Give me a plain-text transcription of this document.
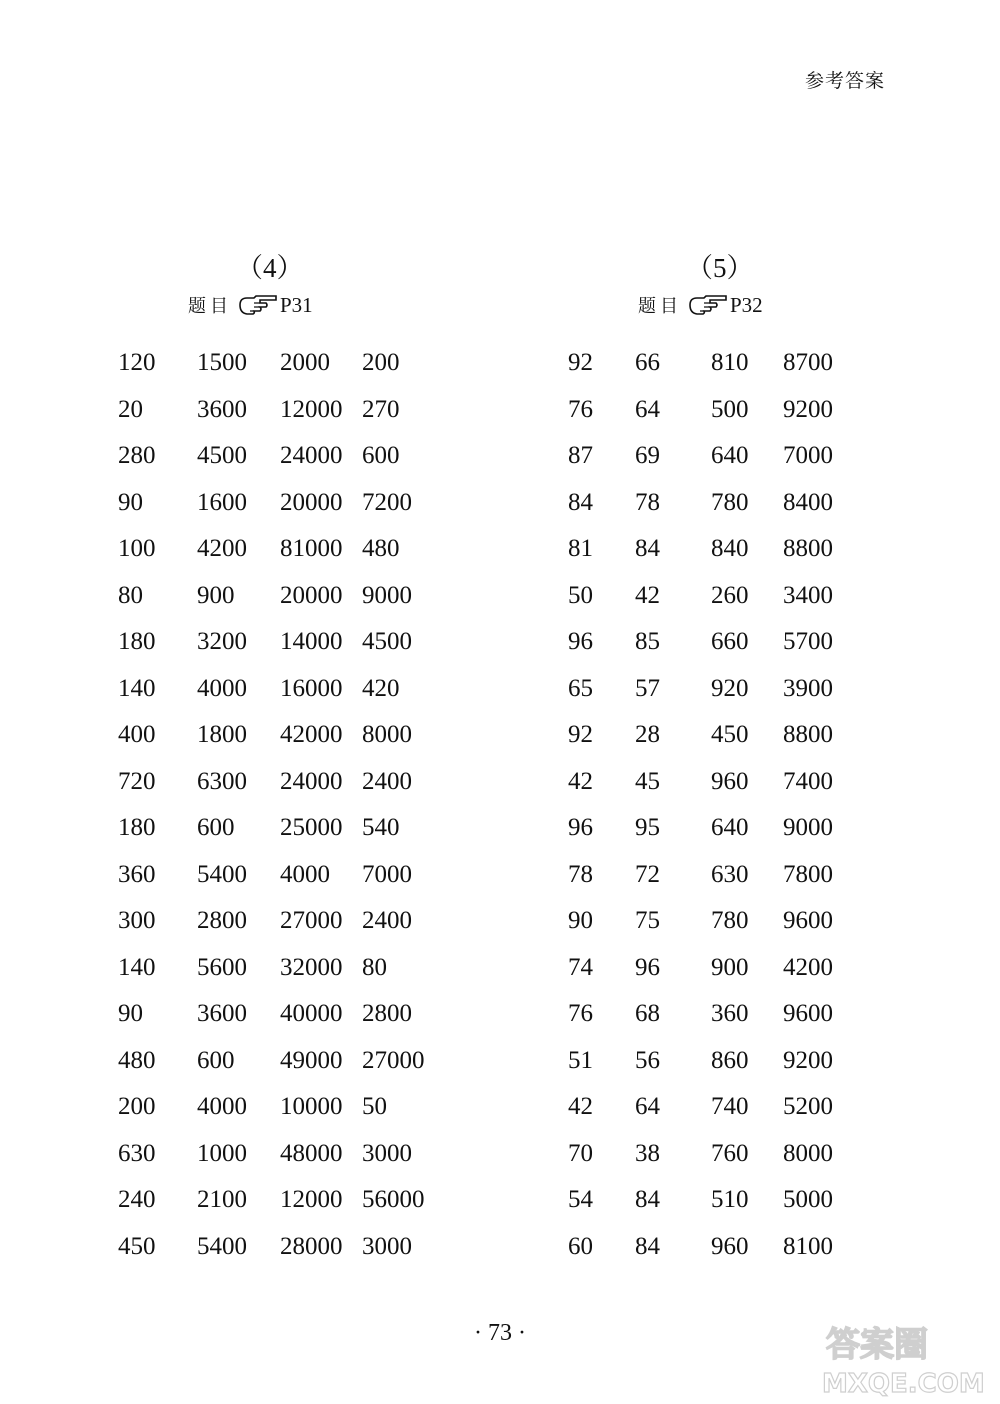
参考答案
（4）
题目 P31
120	1500	2000	200
20	3600	12000 270
280	4500	24000 600
90	1600	20000 7200
100	4200	81000 480
80	900	20000 9000
180	3200	14000 4500
140	4000	16000 420
400	1800	42000 8000
720	6300	24000 2400
180	600	25000 540
360	5400	4000	7000
300	2800	27000 2400
140	5600	32000 80
90	3600	40000 2800
480	600	49000 27000
200	4000	10000 50
630	1000	48000 3000
240	2100	12000 56000
450	5400	28000 3000
（5）
题目 P32
92	66	810	8700
76	64	500	9200
87	69	640	7000
84	78	780	8400
81	84	840	8800
50	42	260	3400
96	85	660	5700
65	57	920	3900
92	28	450	8800
42	45	960	7400
96	95	640	9000
78	72	630	7800
90	75	780	9600
74	96	900	4200
76	68	360	9600
51	56	860	9200
42	64	740	5200
70	38	760	8000
54	84	510	5000
60	84	960	8100
· 73 ·	答案圈
MXQE.COM
